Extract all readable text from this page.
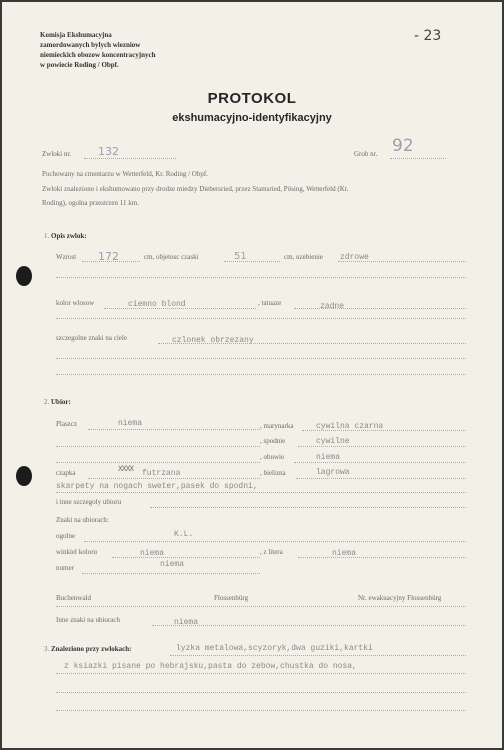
Komisja Ekshumacyjna
zamordowanych bylych wiezniow
niemieckich obozow koncentracyjnych
w powiecie Roding / Obpf.
- 23
PROTOKOL
ekshumacyjno-identyfikacyjny
Zwloki nr. 132	Grob nr. 92
Pochowany na cmentarzu w Wetterfeld, Kr. Roding / Obpf.
Zwloki znaleziono i ekshumowano przy drodze miedzy Diebersried, przez Stamsried, Pösing, Wetterfeld (Kr.
Roding), ogolna przestrzen 11 km.
1. Opis zwlok:
Wzrost 172	cm, objetosc czaski	51	cm, uzebienie zdrowe
kolor wlosow	ciemno blond	, tatuaze	zadne
szczegolne znaki na ciele	czlonek obrzezany
2. Ubior:
Plaszcz	niema	, marynarka	cywilna czarna
, spodnie	cywilne
, obuwie	niema
czapka	XXXX futrzana	, bielizna	lagrowa
skarpety na nogach sweter,pasek do spodni,
i inne szczegoly ubioru
Znaki na ubiorach:
ogolne	K.L.
winkiel koloru	niema	, z litera	niema
numer	niema
Buchenwald	Flossenbürg	Nr. ewakuacyjny Flossenbürg
Inne znaki na ubiorach	niema
3. Znaleziono przy zwlokach:	lyzka metalowa,scyzoryk,dwa guziki,kartki
z ksiazki pisane po hebrajsku,pasta do zebow,chustka do nosa,
